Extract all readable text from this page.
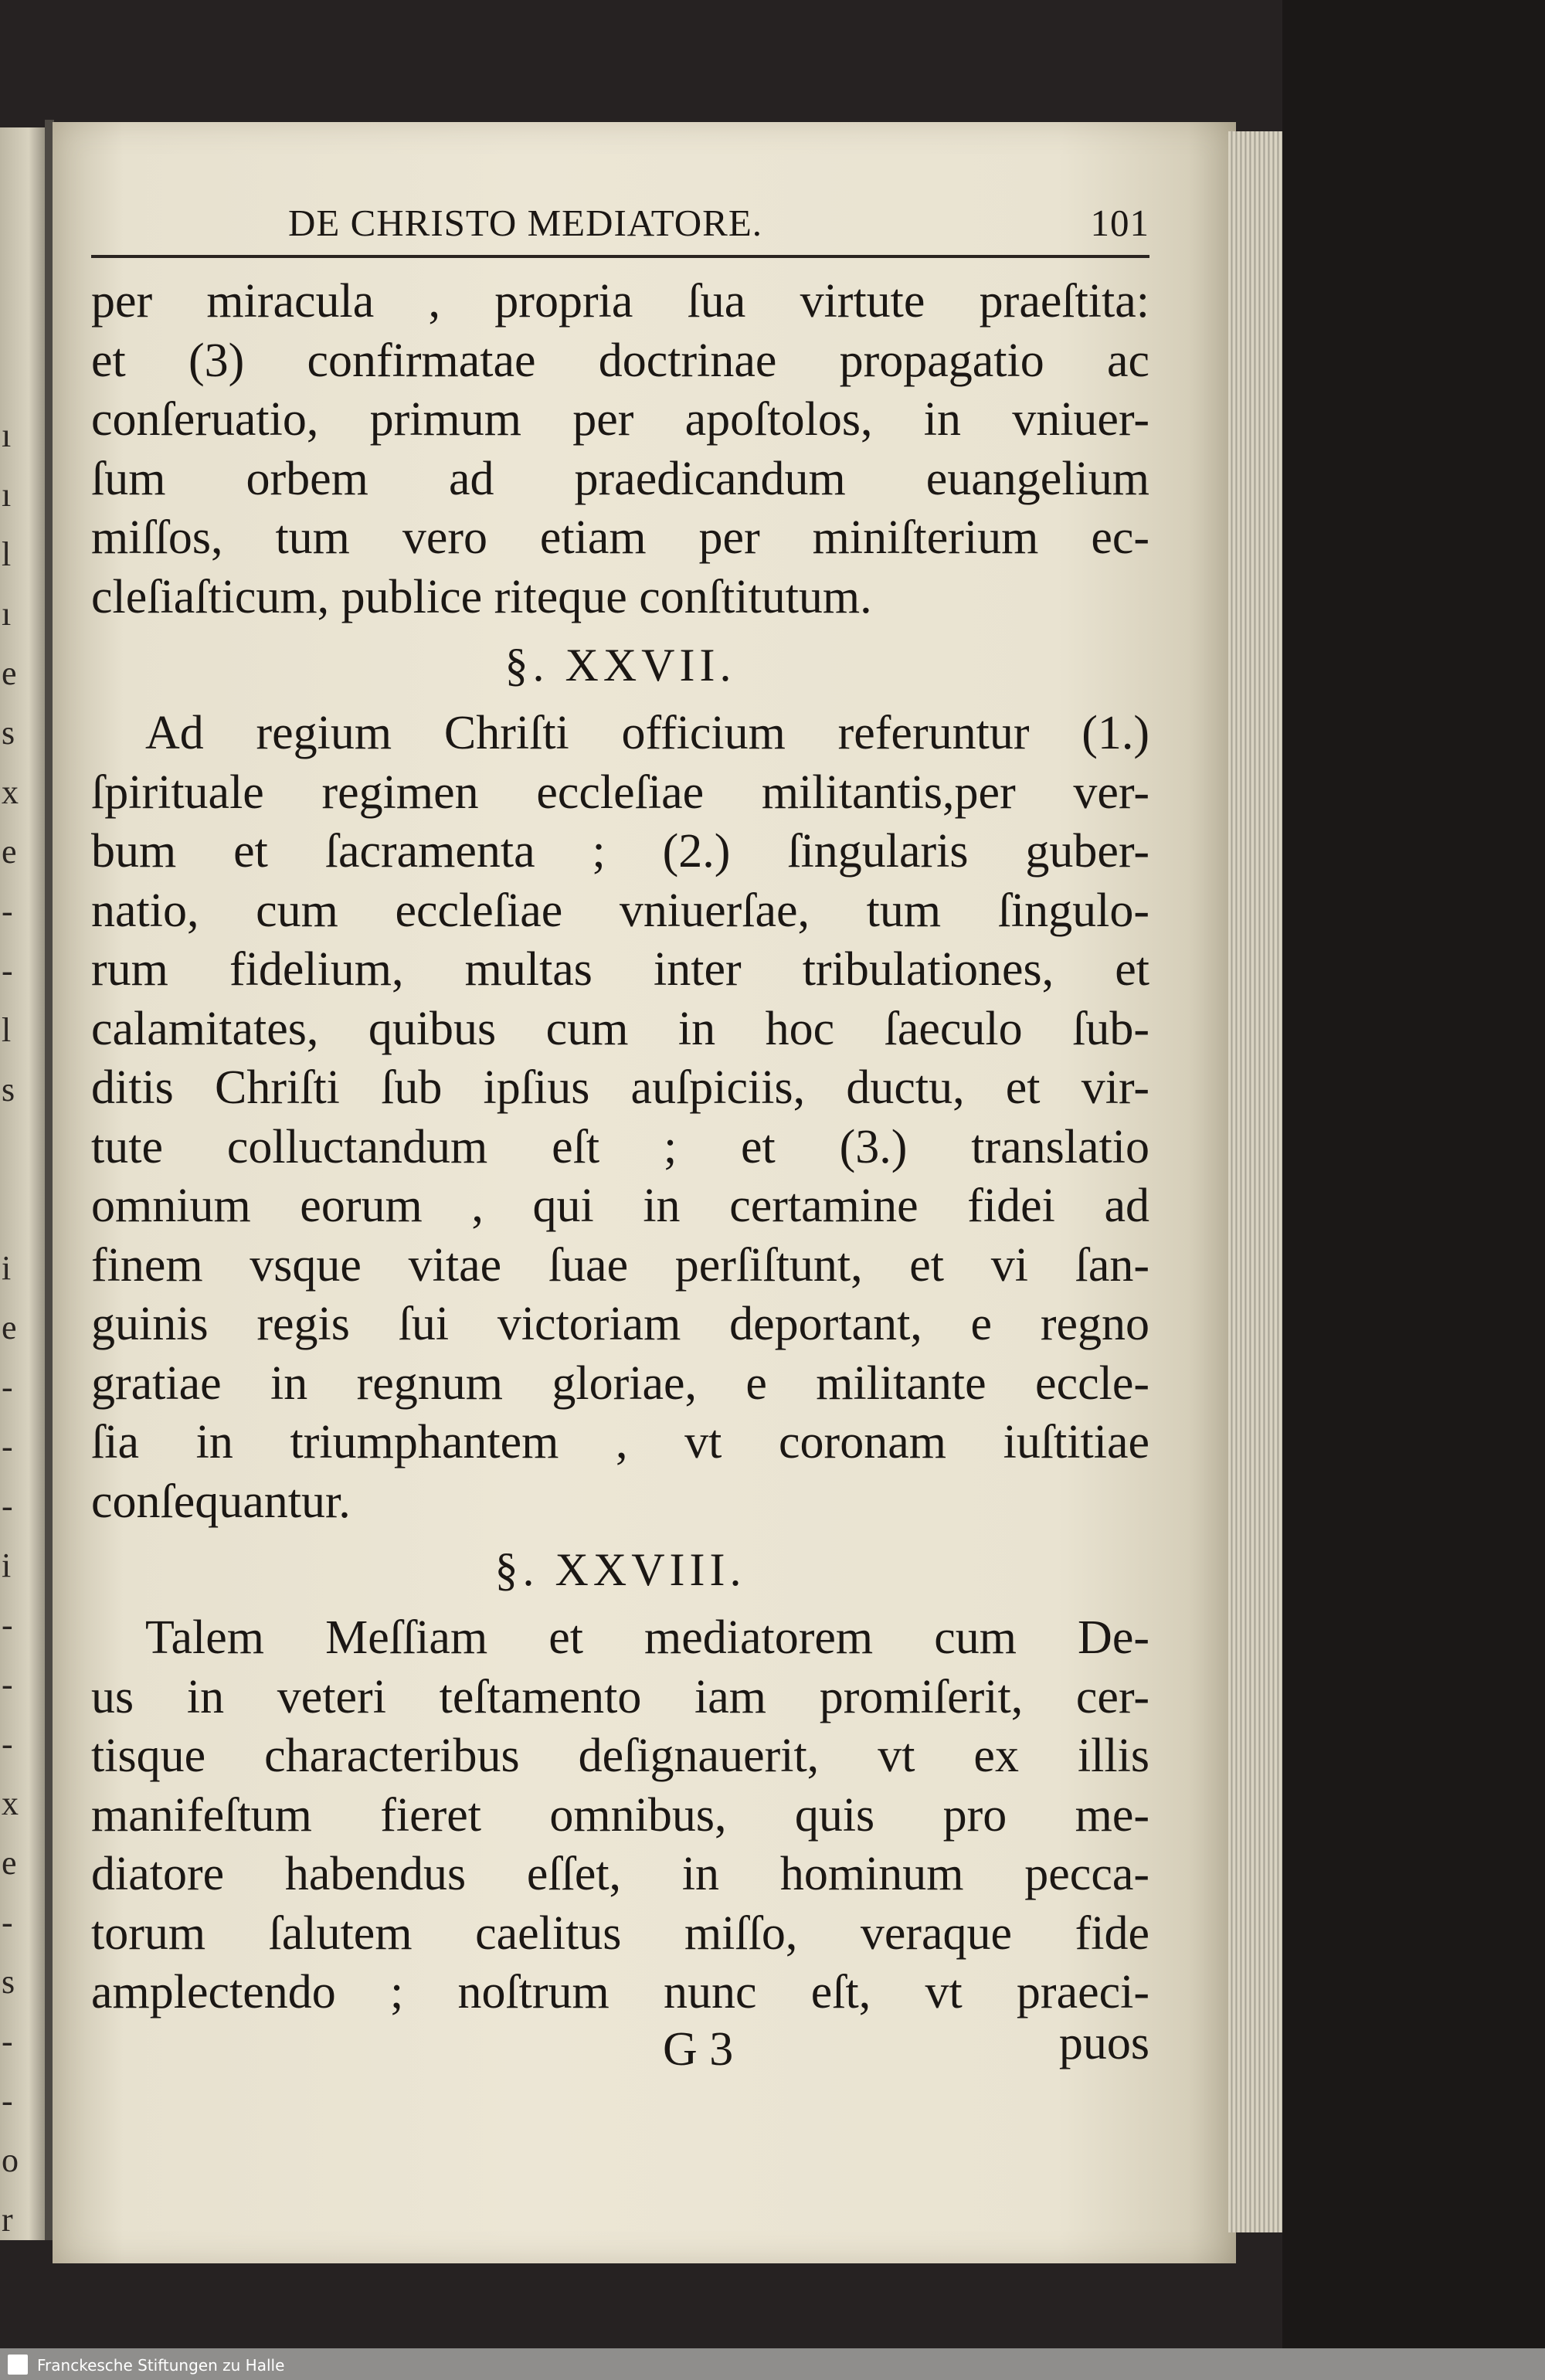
ı
ı
l
ı
e
s
x
e
-
-
l
s
i
e
-
-
-
i
-
-
-
x
e
-
s
-
-
o
r
DE CHRISTO MEDIATORE.	101
per miracula , propria ſua virtute praeſtita:
et (3) confirmatae doctrinae propagatio ac
conſeruatio, primum per apoſtolos, in vniuer-
ſum orbem ad praedicandum euangelium
miſſos, tum vero etiam per miniſterium ec-
cleſiaſticum, publice riteque conſtitutum.
§. XXVII.
Ad regium Chriſti officium referuntur (1.)
ſpirituale regimen eccleſiae militantis,per ver-
bum et ſacramenta ; (2.) ſingularis guber-
natio, cum eccleſiae vniuerſae, tum ſingulo-
rum fidelium, multas inter tribulationes, et
calamitates, quibus cum in hoc ſaeculo ſub-
ditis Chriſti ſub ipſius auſpiciis, ductu, et vir-
tute colluctandum eſt ; et (3.) translatio
omnium eorum , qui in certamine fidei ad
finem vsque vitae ſuae perſiſtunt, et vi ſan-
guinis regis ſui victoriam deportant, e regno
gratiae in regnum gloriae, e militante eccle-
ſia in triumphantem , vt coronam iuſtitiae
conſequantur.
§. XXVIII.
Talem Meſſiam et mediatorem cum De-
us in veteri teſtamento iam promiſerit, cer-
tisque characteribus deſignauerit, vt ex illis
manifeſtum fieret omnibus, quis pro me-
diatore habendus eſſet, in hominum pecca-
torum ſalutem caelitus miſſo, veraque fide
amplectendo ; noſtrum nunc eſt, vt praeci-
G 3	puos
Franckesche Stiftungen zu Halle
